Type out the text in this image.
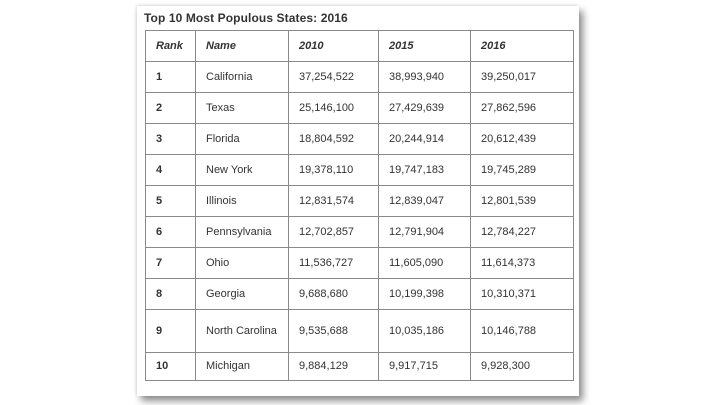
Top 10 Most Populous States: 2016
Rank	Name	2010	2015	2016
1	California	37,254,522	38,993,940	39,250,017
2	Texas	25,146,100	27,429,639	27,862,596
3	Florida	18,804,592	20,244,914	20,612,439
4	New York	19,378,110	19,747,183	19,745,289
5	Illinois	12,831,574	12,839,047	12,801,539
6	Pennsylvania	12,702,857	12,791,904	12,784,227
7	Ohio	11,536,727	11,605,090	11,614,373
8	Georgia	9,688,680	10,199,398	10,310,371
9	North Carolina	9,535,688	10,035,186	10,146,788
10	Michigan	9,884,129	9,917,715	9,928,300
